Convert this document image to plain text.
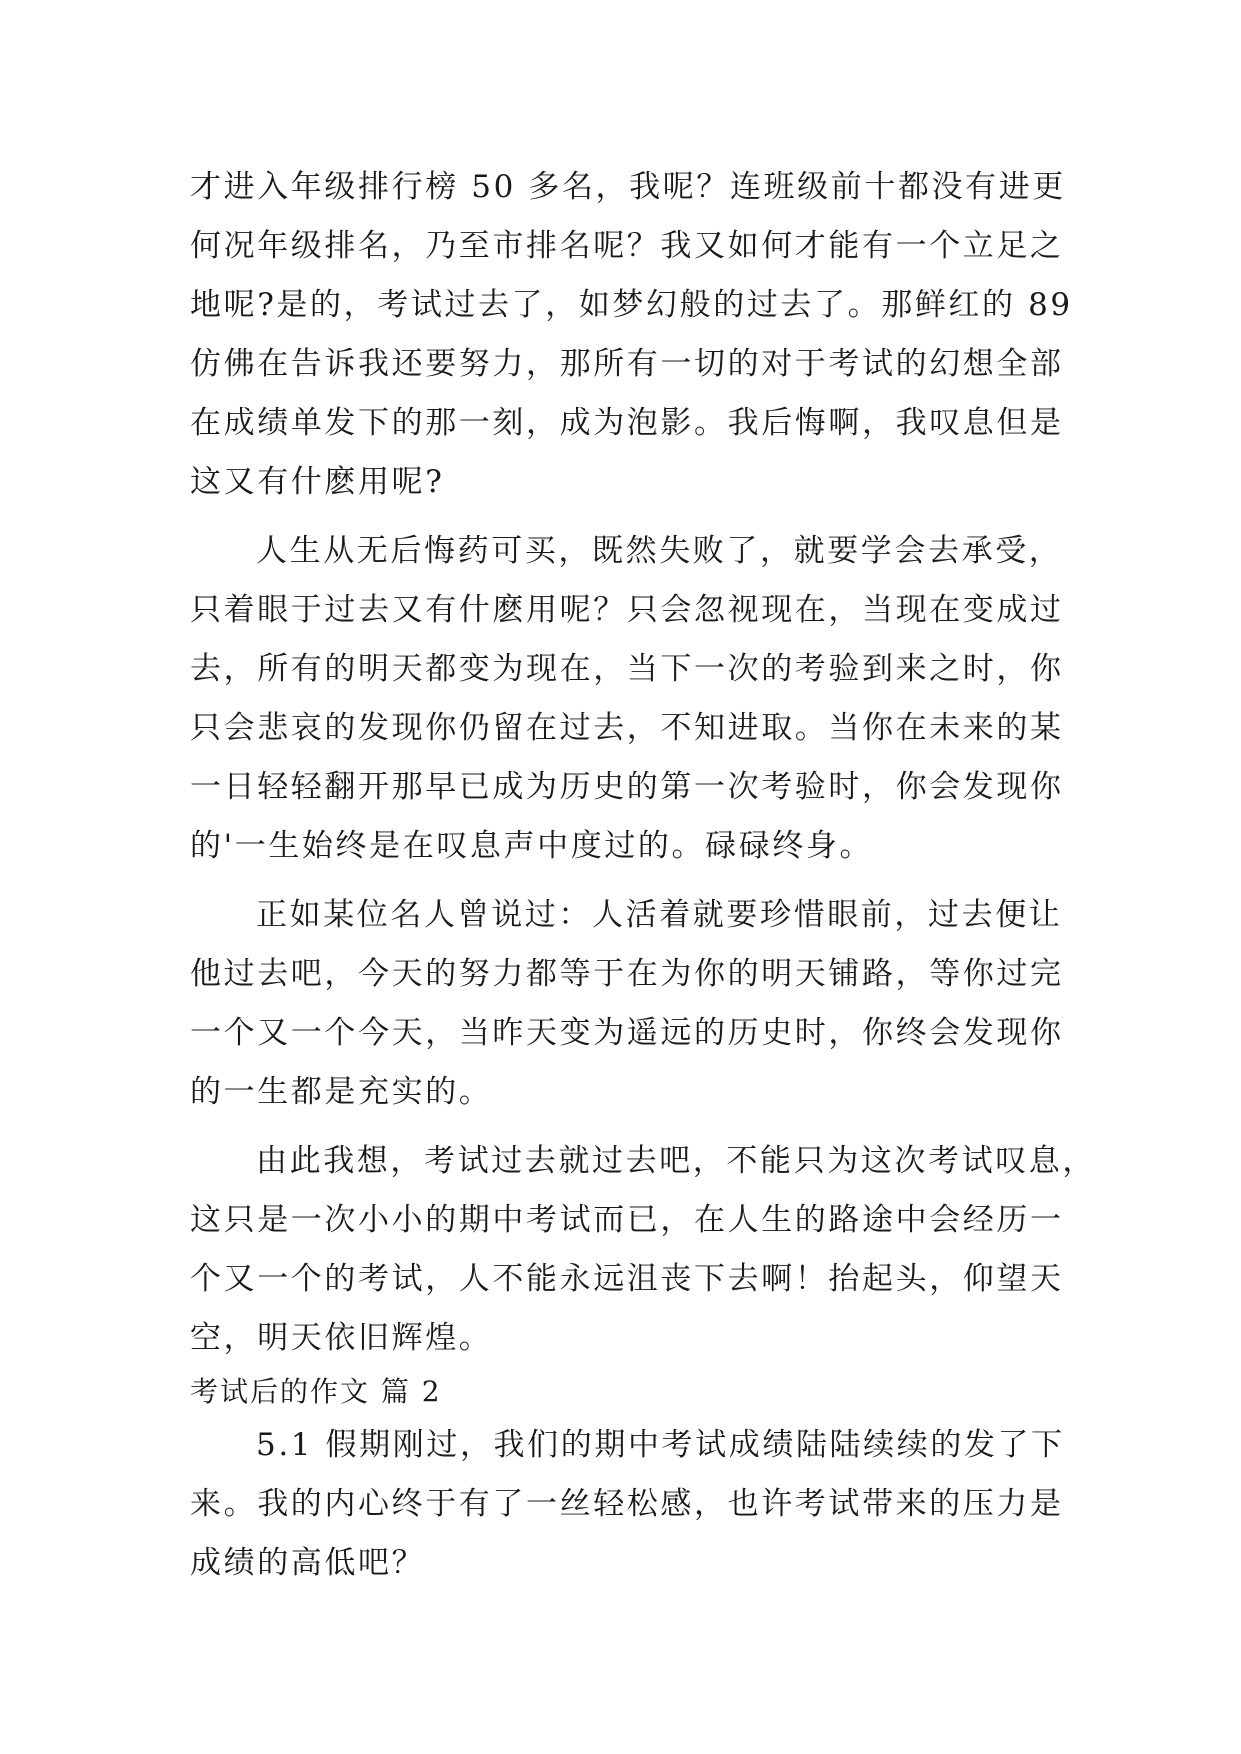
才进入年级排行榜 50 多名，我呢？连班级前十都没有进更
何况年级排名，乃至市排名呢？我又如何才能有一个立足之
地呢?是的，考试过去了，如梦幻般的过去了。那鲜红的 89
仿佛在告诉我还要努力，那所有一切的对于考试的幻想全部
在成绩单发下的那一刻，成为泡影。我后悔啊，我叹息但是
这又有什麽用呢?
人生从无后悔药可买，既然失败了，就要学会去承受，
只着眼于过去又有什麽用呢？只会忽视现在，当现在变成过
去，所有的明天都变为现在，当下一次的考验到来之时，你
只会悲哀的发现你仍留在过去，不知进取。当你在未来的某
一日轻轻翻开那早已成为历史的第一次考验时，你会发现你
的'一生始终是在叹息声中度过的。碌碌终身。
正如某位名人曾说过：人活着就要珍惜眼前，过去便让
他过去吧，今天的努力都等于在为你的明天铺路，等你过完
一个又一个今天，当昨天变为遥远的历史时，你终会发现你
的一生都是充实的。
由此我想，考试过去就过去吧，不能只为这次考试叹息，
这只是一次小小的期中考试而已，在人生的路途中会经历一
个又一个的考试，人不能永远沮丧下去啊！抬起头，仰望天
空，明天依旧辉煌。
考试后的作文 篇 2
5.1 假期刚过，我们的期中考试成绩陆陆续续的发了下
来。我的内心终于有了一丝轻松感，也许考试带来的压力是
成绩的高低吧？
